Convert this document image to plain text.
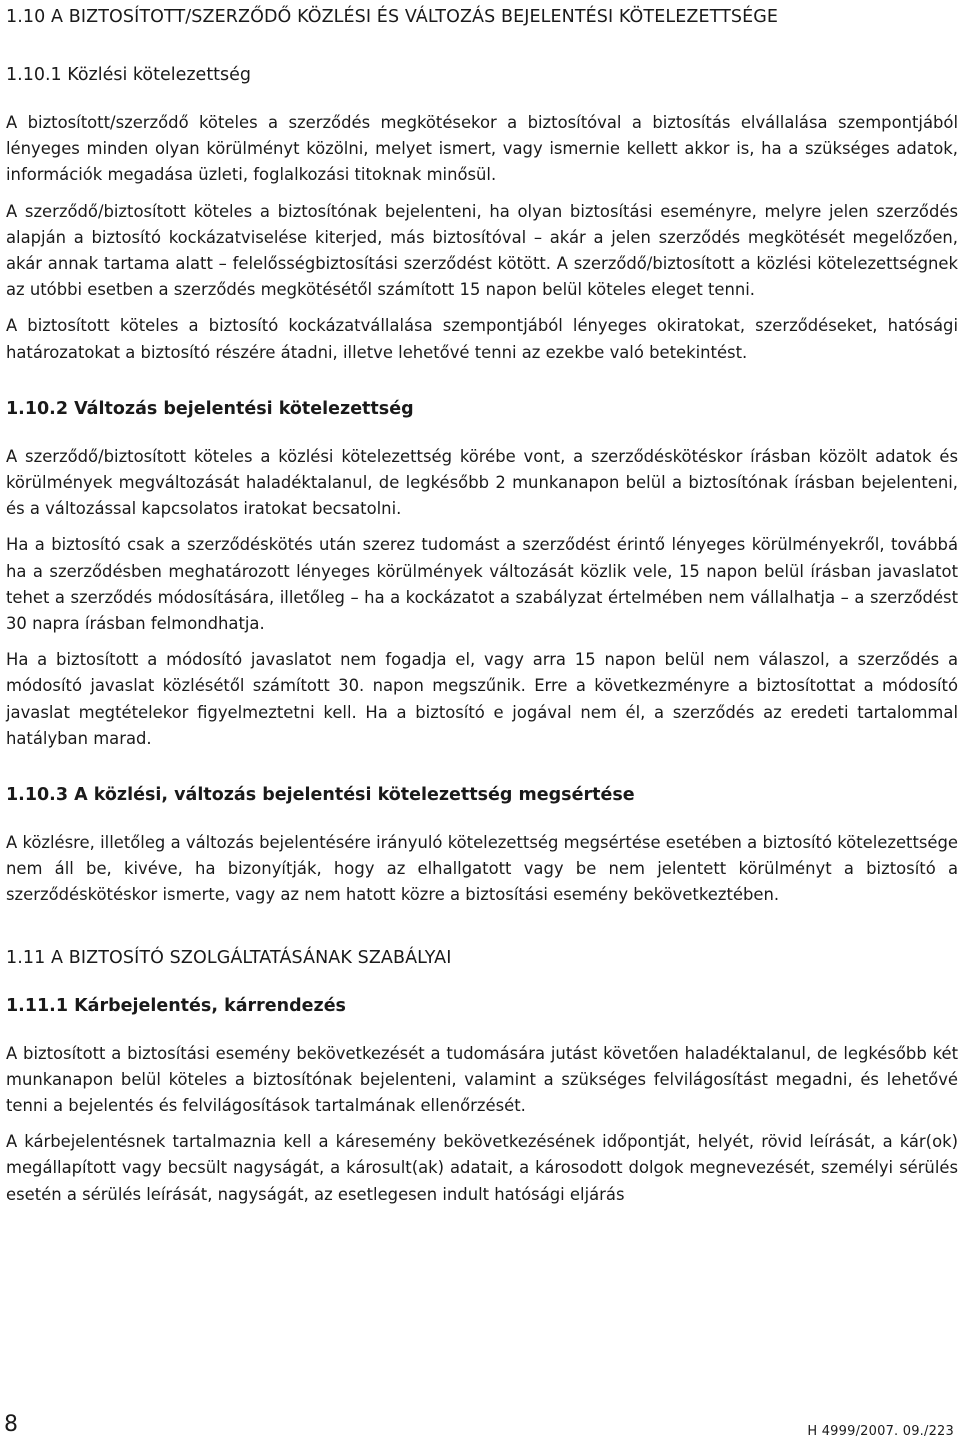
1.10 A BIZTOSÍTOTT/SZERZŐDŐ KÖZLÉSI ÉS VÁLTOZÁS BEJELENTÉSI KÖTELEZETTSÉGE
1.10.1 Közlési kötelezettség

A biztosított/szerződő köteles a szerződés megkötésekor a biztosítóval a biztosítás elvállalása szempontjából lényeges minden olyan körülményt közölni, melyet ismert, vagy ismernie kellett akkor is, ha a szükséges adatok, információk megadása üzleti, foglalkozási titoknak minősül.

A szerződő/biztosított köteles a biztosítónak bejelenteni, ha olyan biztosítási eseményre, melyre jelen szerződés alapján a biztosító kockázatviselése kiterjed, más biztosítóval – akár a jelen szerződés megkötését megelőzően, akár annak tartama alatt – felelősségbiztosítási szerződést kötött. A szerződő/biztosított a közlési kötelezettségnek az utóbbi esetben a szerződés megkötésétől számított 15 napon belül köteles eleget tenni.

A biztosított köteles a biztosító kockázatvállalása szempontjából lényeges okiratokat, szerződéseket, hatósági határozatokat a biztosító részére átadni, illetve lehetővé tenni az ezekbe való betekintést.

1.10.2 Változás bejelentési kötelezettség

A szerződő/biztosított köteles a közlési kötelezettség körébe vont, a szerződéskötéskor írásban közölt adatok és körülmények megváltozását haladéktalanul, de legkésőbb 2 munkanapon belül a biztosítónak írásban bejelenteni, és a változással kapcsolatos iratokat becsatolni.

Ha a biztosító csak a szerződéskötés után szerez tudomást a szerződést érintő lényeges körülményekről, továbbá ha a szerződésben meghatározott lényeges körülmények változását közlik vele, 15 napon belül írásban javaslatot tehet a szerződés módosítására, illetőleg – ha a kockázatot a szabályzat értelmében nem vállalhatja – a szerződést 30 napra írásban felmondhatja.

Ha a biztosított a módosító javaslatot nem fogadja el, vagy arra 15 napon belül nem válaszol, a szerződés a módosító javaslat közlésétől számított 30. napon megszűnik. Erre a következményre a biztosítottat a módosító javaslat megtételekor figyelmeztetni kell. Ha a biztosító e jogával nem él, a szerződés az eredeti tartalommal hatályban marad.

1.10.3 A közlési, változás bejelentési kötelezettség megsértése

A közlésre, illetőleg a változás bejelentésére irányuló kötelezettség megsértése esetében a biztosító kötelezettsége nem áll be, kivéve, ha bizonyítják, hogy az elhallgatott vagy be nem jelentett körülményt a biztosító a szerződéskötéskor ismerte, vagy az nem hatott közre a biztosítási esemény bekövetkeztében.

1.11 A BIZTOSÍTÓ SZOLGÁLTATÁSÁNAK SZABÁLYAI
1.11.1 Kárbejelentés, kárrendezés

A biztosított a biztosítási esemény bekövetkezését a tudomására jutást követően haladéktalanul, de legkésőbb két munkanapon belül köteles a biztosítónak bejelenteni, valamint a szükséges felvilágosítást megadni, és lehetővé tenni a bejelentés és felvilágosítások tartalmának ellenőrzését.

A kárbejelentésnek tartalmaznia kell a káresemény bekövetkezésének időpontját, helyét, rövid leírását, a kár(ok) megállapított vagy becsült nagyságát, a károsult(ak) adatait, a károsodott dolgok megnevezését, személyi sérülés esetén a sérülés leírását, nagyságát, az esetlegesen indult hatósági eljárás

8	H 4999/2007. 09./223
